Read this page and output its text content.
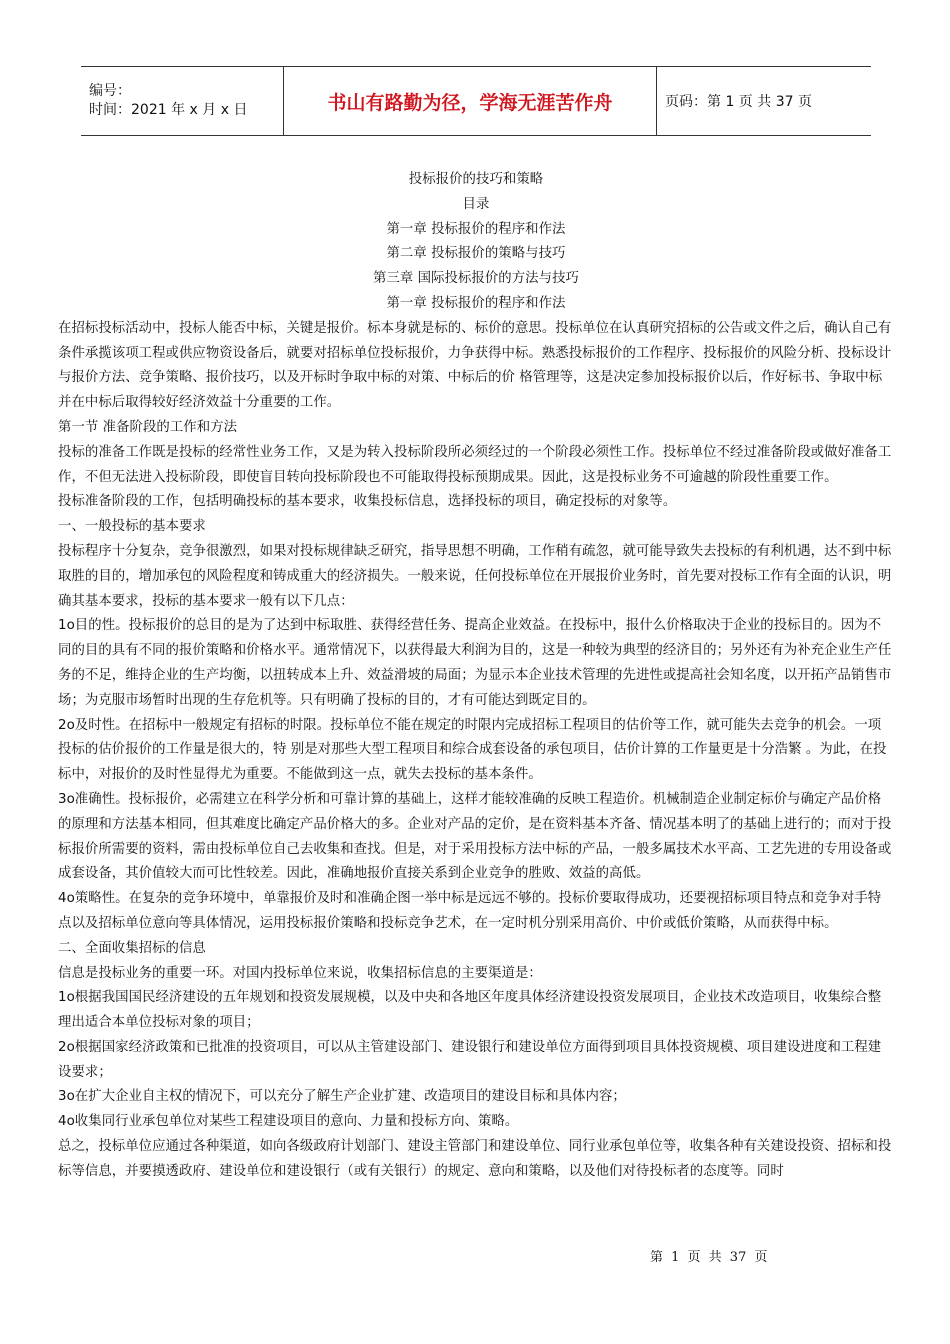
编号：
时间：2021 年 x 月 x 日	书山有路勤为径，学海无涯苦作舟	页码：第 1 页 共 37 页
投标报价的技巧和策略
目录
第一章 投标报价的程序和作法
第二章 投标报价的策略与技巧
第三章 国际投标报价的方法与技巧
第一章 投标报价的程序和作法

在招标投标活动中，投标人能否中标，关键是报价。标本身就是标的、标价的意思。投标单位在认真研究招标的公告或文件之后，确认自己有条件承揽该项工程或供应物资设备后，就要对招标单位投标报价，力争获得中标。熟悉投标报价的工作程序、投标报价的风险分析、投标设计与报价方法、竞争策略、报价技巧，以及开标时争取中标的对策、中标后的价 格管理等，这是决定参加投标报价以后，作好标书、争取中标并在中标后取得较好经济效益十分重要的工作。

第一节 准备阶段的工作和方法

投标的准备工作既是投标的经常性业务工作，又是为转入投标阶段所必须经过的一个阶段必须性工作。投标单位不经过准备阶段或做好准备工作，不但无法进入投标阶段，即使盲目转向投标阶段也不可能取得投标预期成果。因此，这是投标业务不可逾越的阶段性重要工作。

投标准备阶段的工作，包括明确投标的基本要求，收集投标信息，选择投标的项目，确定投标的对象等。

一、一般投标的基本要求

投标程序十分复杂，竞争很激烈，如果对投标规律缺乏研究，指导思想不明确，工作稍有疏忽，就可能导致失去投标的有利机遇，达不到中标取胜的目的，增加承包的风险程度和铸成重大的经济损失。一般来说，任何投标单位在开展报价业务时，首先要对投标工作有全面的认识，明确其基本要求，投标的基本要求一般有以下几点：

1o目的性。投标报价的总目的是为了达到中标取胜、获得经营任务、提高企业效益。在投标中，报什么价格取决于企业的投标目的。因为不同的目的具有不同的报价策略和价格水平。通常情况下，以获得最大利润为目的，这是一种较为典型的经济目的；另外还有为补充企业生产任务的不足，维持企业的生产均衡，以扭转成本上升、效益滑坡的局面；为显示本企业技术管理的先进性或提高社会知名度，以开拓产品销售市场；为克服市场暂时出现的生存危机等。只有明确了投标的目的，才有可能达到既定目的。

2o及时性。在招标中一般规定有招标的时限。投标单位不能在规定的时限内完成招标工程项目的估价等工作，就可能失去竞争的机会。一项投标的估价报价的工作量是很大的，特 别是对那些大型工程项目和综合成套设备的承包项目，估价计算的工作量更是十分浩繁 。为此，在投标中，对报价的及时性显得尤为重要。不能做到这一点，就失去投标的基本条件。

3o准确性。投标报价，必需建立在科学分析和可靠计算的基础上，这样才能较准确的反映工程造价。机械制造企业制定标价与确定产品价格的原理和方法基本相同，但其难度比确定产品价格大的多。企业对产品的定价，是在资料基本齐备、情况基本明了的基础上进行的；而对于投标报价所需要的资料，需由投标单位自己去收集和查找。但是，对于采用投标方法中标的产品，一般多属技术水平高、工艺先进的专用设备或成套设备，其价值较大而可比性较差。因此，准确地报价直接关系到企业竞争的胜败、效益的高低。

4o策略性。在复杂的竞争环境中，单靠报价及时和准确企图一举中标是远远不够的。投标价要取得成功，还要视招标项目特点和竞争对手特点以及招标单位意向等具体情况，运用投标报价策略和投标竞争艺术，在一定时机分别采用高价、中价或低价策略，从而获得中标。

二、全面收集招标的信息

信息是投标业务的重要一环。对国内投标单位来说，收集招标信息的主要渠道是：

1o根据我国国民经济建设的五年规划和投资发展规模，以及中央和各地区年度具体经济建设投资发展项目，企业技术改造项目，收集综合整理出适合本单位投标对象的项目；

2o根据国家经济政策和已批准的投资项目，可以从主管建设部门、建设银行和建设单位方面得到项目具体投资规模、项目建设进度和工程建设要求；

3o在扩大企业自主权的情况下，可以充分了解生产企业扩建、改造项目的建设目标和具体内容；

4o收集同行业承包单位对某些工程建设项目的意向、力量和投标方向、策略。

总之，投标单位应通过各种渠道，如向各级政府计划部门、建设主管部门和建设单位、同行业承包单位等，收集各种有关建设投资、招标和投标等信息，并要摸透政府、建设单位和建设银行（或有关银行）的规定、意向和策略，以及他们对待投标者的态度等。同时

第 1 页 共 37 页
